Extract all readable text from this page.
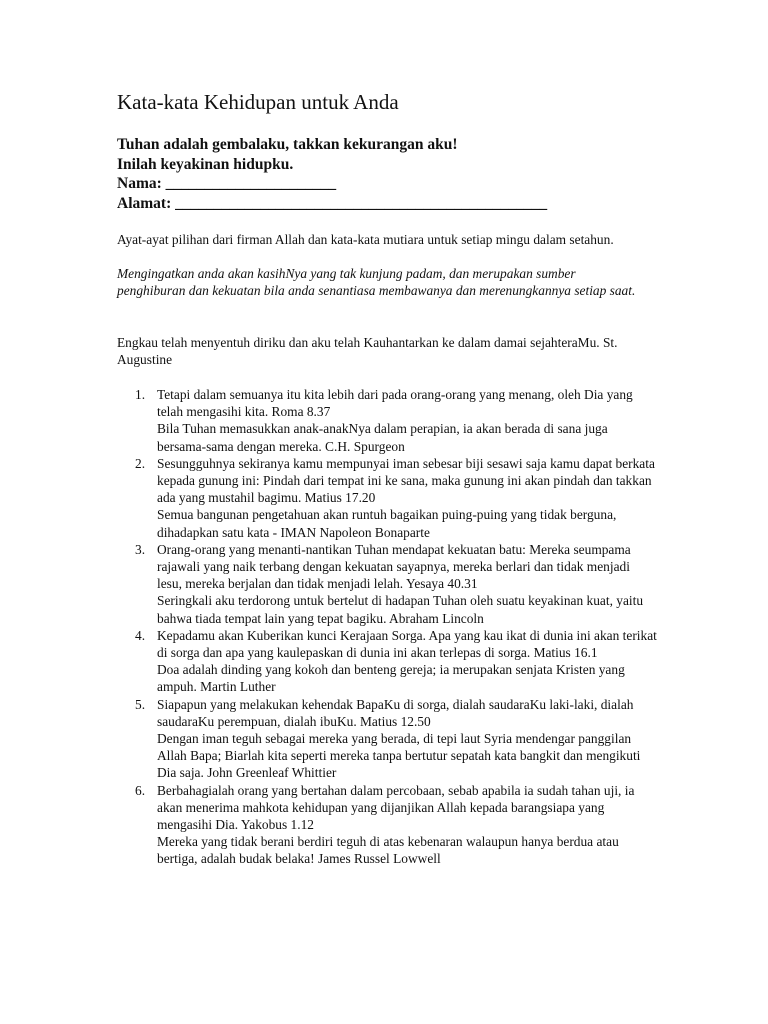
Kata-kata Kehidupan untuk Anda
Tuhan adalah gembalaku, takkan kekurangan aku!
Inilah keyakinan hidupku.
Nama: ______________________
Alamat: ________________________________________________

Ayat-ayat pilihan dari firman Allah dan kata-kata mutiara untuk setiap mingu dalam setahun.

Mengingatkan anda akan kasihNya yang tak kunjung padam, dan merupakan sumber penghiburan dan kekuatan bila anda senantiasa membawanya dan merenungkannya setiap saat.

Engkau telah menyentuh diriku dan aku telah Kauhantarkan ke dalam damai sejahteraMu. St. Augustine

1. Tetapi dalam semuanya itu kita lebih dari pada orang-orang yang menang, oleh Dia yang telah mengasihi kita. Roma 8.37
Bila Tuhan memasukkan anak-anakNya dalam perapian, ia akan berada di sana juga bersama-sama dengan mereka. C.H. Spurgeon
2. Sesungguhnya sekiranya kamu mempunyai iman sebesar biji sesawi saja kamu dapat berkata kepada gunung ini: Pindah dari tempat ini ke sana, maka gunung ini akan pindah dan takkan ada yang mustahil bagimu. Matius 17.20
Semua bangunan pengetahuan akan runtuh bagaikan puing-puing yang tidak berguna, dihadapkan satu kata - IMAN Napoleon Bonaparte
3. Orang-orang yang menanti-nantikan Tuhan mendapat kekuatan batu: Mereka seumpama rajawali yang naik terbang dengan kekuatan sayapnya, mereka berlari dan tidak menjadi lesu, mereka berjalan dan tidak menjadi lelah. Yesaya 40.31
Seringkali aku terdorong untuk bertelut di hadapan Tuhan oleh suatu keyakinan kuat, yaitu bahwa tiada tempat lain yang tepat bagiku. Abraham Lincoln
4. Kepadamu akan Kuberikan kunci Kerajaan Sorga. Apa yang kau ikat di dunia ini akan terikat di sorga dan apa yang kaulepaskan di dunia ini akan terlepas di sorga. Matius 16.1
Doa adalah dinding yang kokoh dan benteng gereja; ia merupakan senjata Kristen yang ampuh. Martin Luther
5. Siapapun yang melakukan kehendak BapaKu di sorga, dialah saudaraKu laki-laki, dialah saudaraKu perempuan, dialah ibuKu. Matius 12.50
Dengan iman teguh sebagai mereka yang berada, di tepi laut Syria mendengar panggilan Allah Bapa; Biarlah kita seperti mereka tanpa bertutur sepatah kata bangkit dan mengikuti Dia saja. John Greenleaf Whittier
6. Berbahagialah orang yang bertahan dalam percobaan, sebab apabila ia sudah tahan uji, ia akan menerima mahkota kehidupan yang dijanjikan Allah kepada barangsiapa yang mengasihi Dia. Yakobus 1.12
Mereka yang tidak berani berdiri teguh di atas kebenaran walaupun hanya berdua atau bertiga, adalah budak belaka! James Russel Lowwell
